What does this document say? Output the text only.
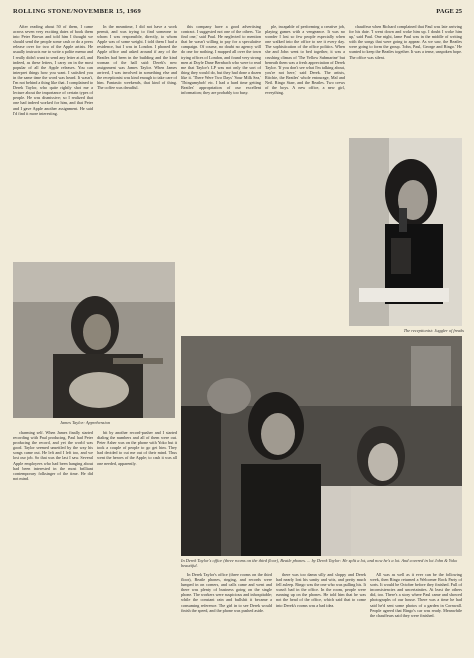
ROLLING STONE/NOVEMBER 15, 1969	PAGE 25

After reading about 50 of them, I came across seven very exciting dates of book them into Peter Brown and told him I thought we should send the people some cash or do a press release over for two of the Apple artists. He usually instructs me to write a polite memo and I really didn't want to send any letter at all, and indeed, as these letters, I carry on in the most popular of all the Apple releases. You can interpret things how you want. I satisfied you in the same time the word was heard. It wasn't, I'm not behind a thing like that. I complained to Derek Taylor, who quite rightly shot me a lecture about the importance of certain types of people. He was dismissive; so I realized that one had indeed worked for him, and that Peter and I gave Apple another assignment. He said I'd find it more interesting.

In the meantime, I did not have a work permit, and was trying to find someone to whom I was responsible, directly, to whom Apple was of some weight. I told them I had a residence, but I was in London. I phoned the Apple office and asked around if any of the Beatles had been in the building and the kind woman of the hall said: Derek's new assignment was James Taylor. When James arrived, I was involved in something else and the receptionist was kind enough to take care of him. Fantastic weekends, that kind of thing. The coffee was dreadful.

this company have a good advertising contract. I suggested not one of the others. 'Go find one,' said Paul. He neglected to mention that he wasn't willing to pay for a speculative campaign. Of course, no doubt no agency will do one for nothing. I mapped all over the town trying offices of London, and found very strong men at Doyle Dane Bernbach who were to read me that Taylor's LP was not only the sort of thing they would do, but they had done a dozen like it. 'There Were Two Days' 'Sour Milk Sea,' 'Thingumybob' etc. I had a hard time getting Beatles' appropriation of our excellent information; they are probably too busy.

ple, incapable of performing a creative job, playing games with a vengeance. It was no wonder I lost so few people especially when one walked into the office to see it every day. The sophistication of the office politics. When she and John went to bed together, it was a crushing climax of 'The Yellow Submarine' but beneath them was a fresh appreciation of Derek Taylor. 'If you don't see what I'm talking about, you're not here,' said Derek. The artists, Ritchie, the Beatles' whole entourage, Mal and Neil. Ringo Starr, and the Beatles. Two crews of the boys. A new office, a new girl, everything.

chauffeur when Richard complained that Paul was late arriving for his date. 'I went down and woke him up. I doubt I woke him up,' said Paul. One night, lame Paul was in the middle of writing with the songs that were going to appear. As we saw, the Beatles were going to form the group. 'John, Paul, George and Ringo.' He wanted to keep the Beatles together. It was a tense, unspoken hope. The office was silent.

The receptionist: Juggler of freaks
James Taylor: Apprehension
In Derek Taylor's office (three rooms on the third floor), Beatle phones. ... by Derek Taylor: He split a lot, and now he's a lot. And covered in lot John & Yoko beautiful.

charming self. When James finally started recording with Paul producing, Paul had Peter producing the record, and yet the world was good. Taylor seemed unsettled by the way his songs came out. He left and I left too, and we lost our job. So that was the last I saw. Several Apple employees who had been hanging about had been interested in the most brilliant contemporary folksinger of the time. He did not mind.

bit by another record-pusher and I started dialing the numbers and all of them were out. Peter Asher was on the phone with Yoko but it took a couple of people to go get him. They had decided to cut me out of their mind. Thus went the heroes of the Apple; to cash it was all one needed, apparently.

In Derek Taylor's office (three rooms on the third floor), Beatle phones, ringing, and records were lumped in on corners, and calls came and went and there was plenty of business going on the single phone. The workers were suspicious and inhospitable; while the constant rain and bullshit it became a consuming reference. The girl in to see Derek would finish the speed, and the phone was pushed aside.

there was too damn silly and sloppy and Derek had nearly lost his sanity and wits, and pretty much fell asleep. Ringo was the one who was pulling his. It wasn't bad in the office. In the room, people were running up on the phones. He told him that he was not the head of the office, which said that to come into Derek's rooms was a bad idea.

All was as well as it ever can be the following week, then Ringo returned a Welcomer Rock Party of sorts. It would be October before they finished. Full of inconsistencies and uncertainties. At least the others did, too. There's a story where Paul came and showed photographs of our house. There was a time he had said he'd sent some photos of a garden in Cornwall. People agreed that Ringo's car was ready. Meanwhile the chauffeurs said they were finished.
